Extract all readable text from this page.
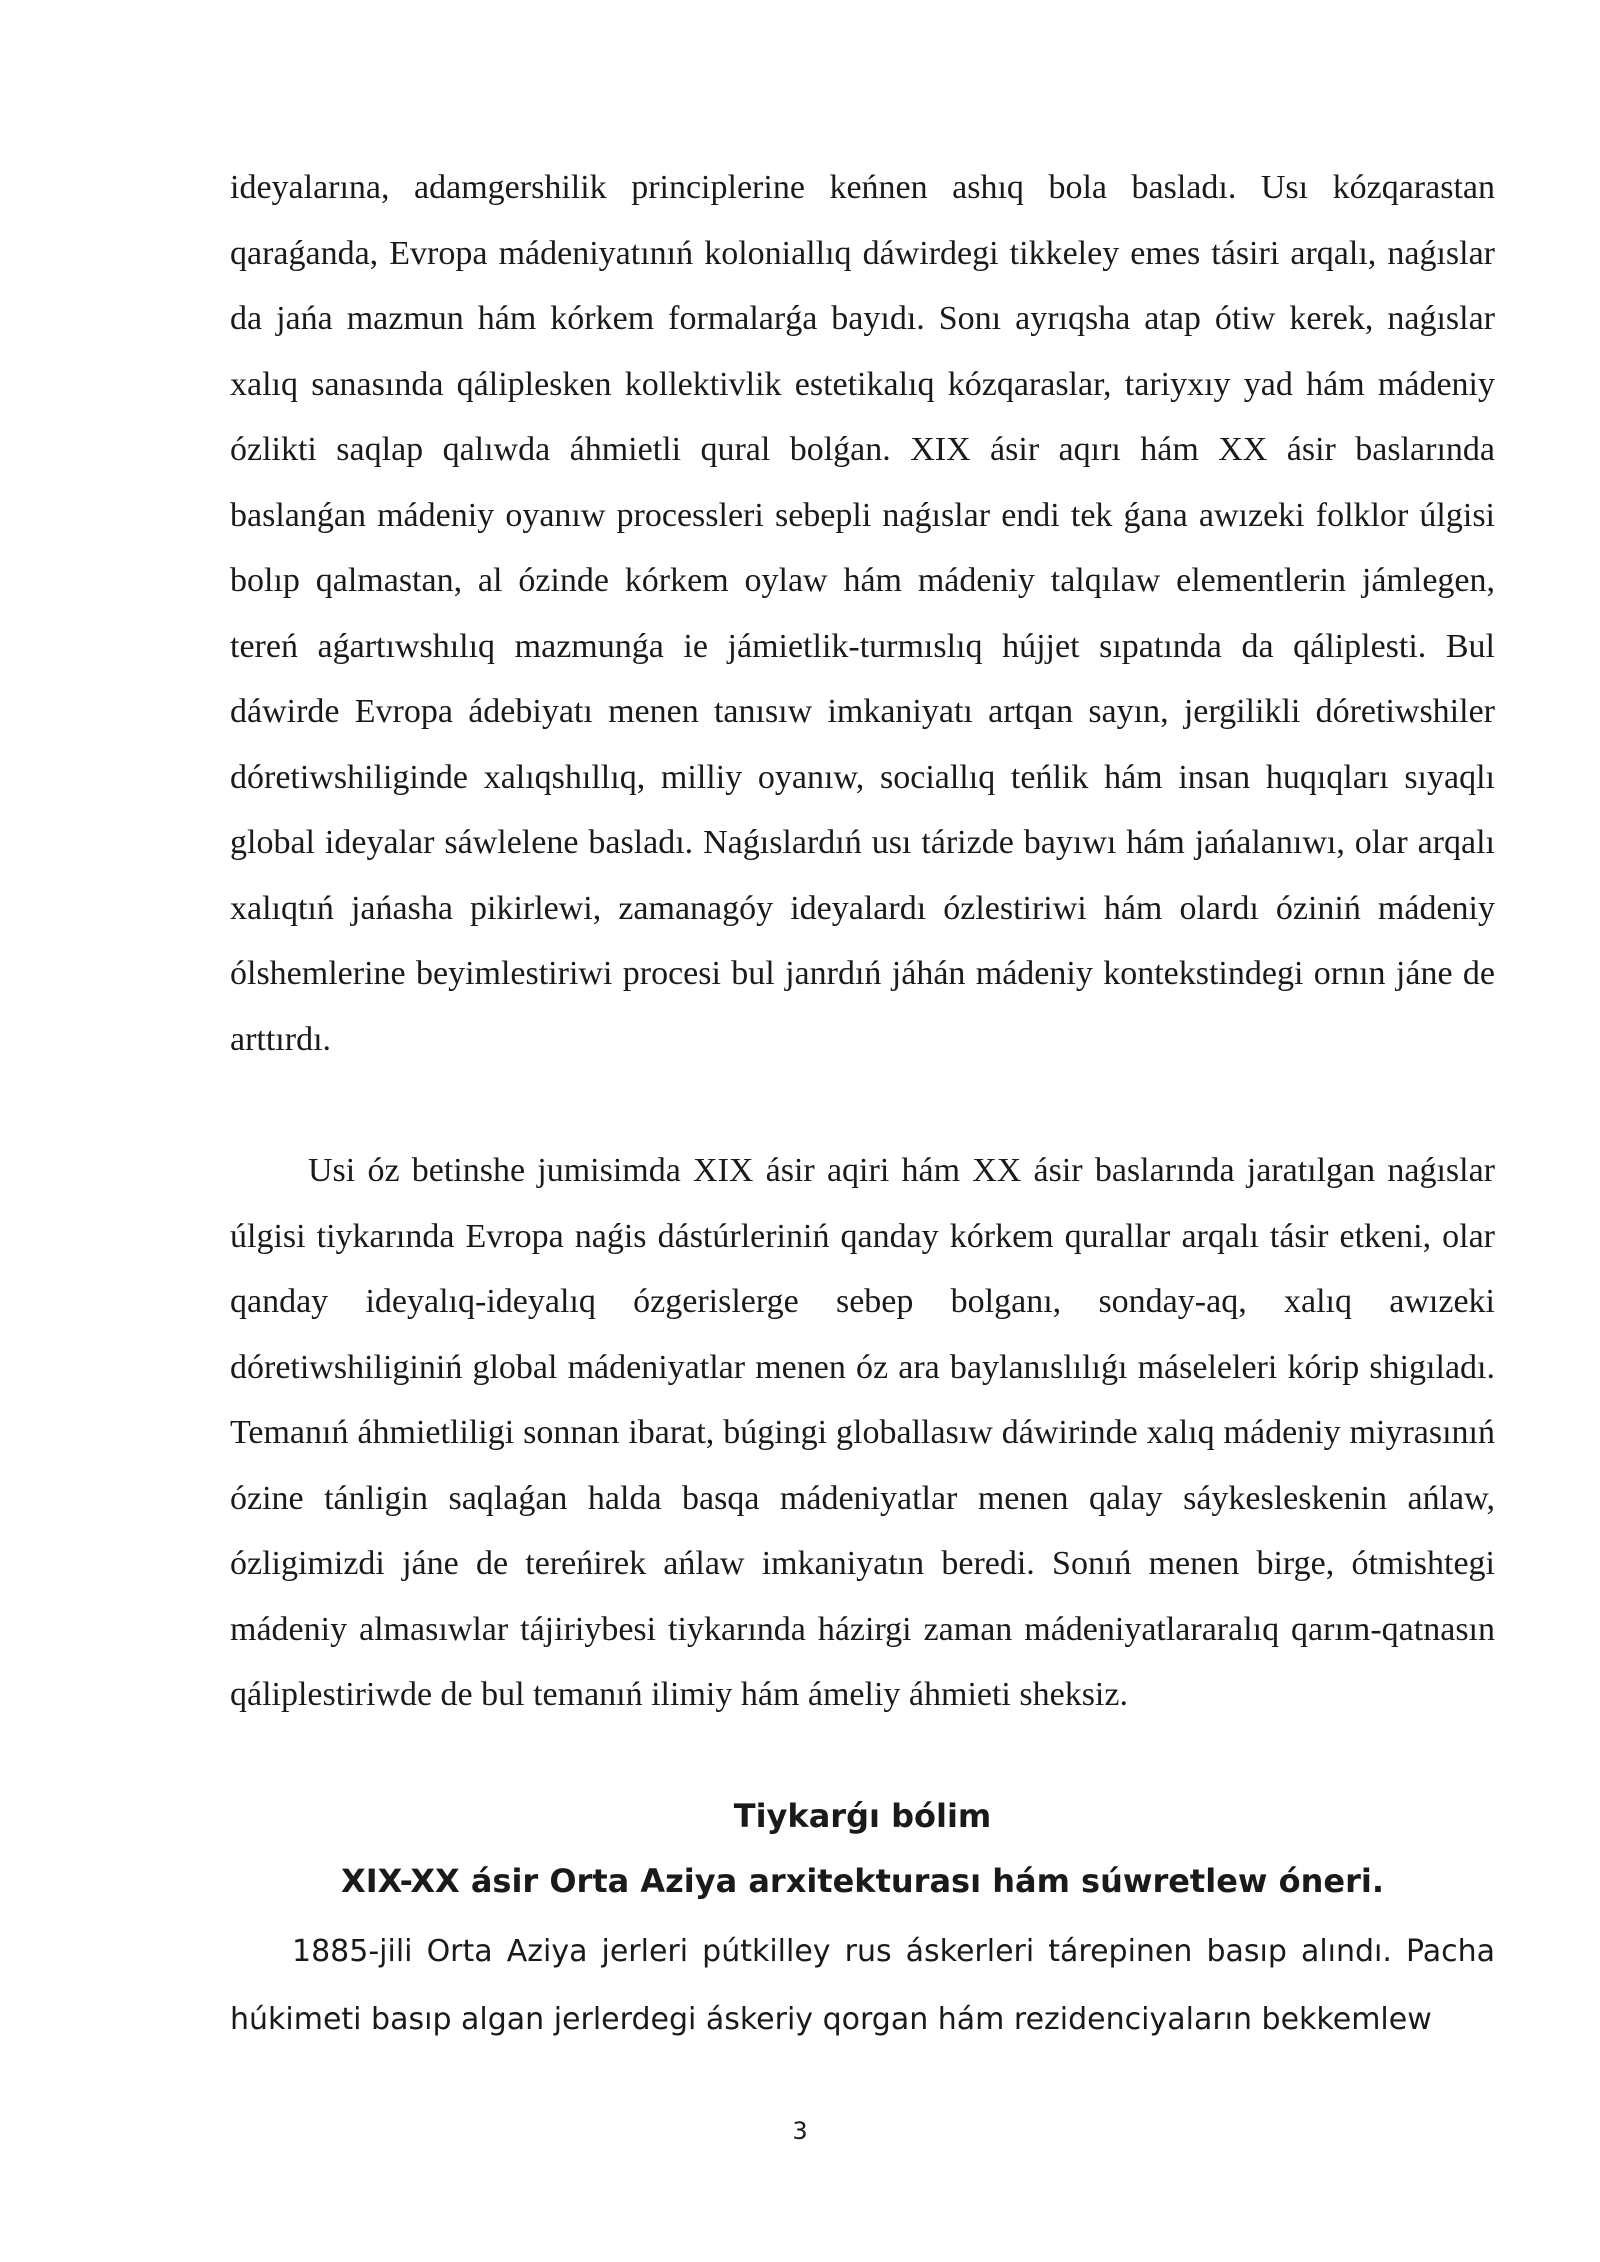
ideyalarına, adamgershilik principlerine keńnen ashıq bola basladı. Usı kózqarastan qaraǵanda, Evropa mádeniyatınıń koloniallıq dáwirdegi tikkeley emes tásiri arqalı, naǵıslar da jańa mazmun hám kórkem formalarǵa bayıdı. Sonı ayrıqsha atap ótiw kerek, naǵıslar xalıq sanasında qáliplesken kollektivlik estetikalıq kózqaraslar, tariyxıy yad hám mádeniy ózlikti saqlap qalıwda áhmietli qural bolǵan. XIX ásir aqırı hám XX ásir baslarında baslanǵan mádeniy oyanıw processleri sebepli naǵıslar endi tek ǵana awızeki folklor úlgisi bolıp qalmastan, al ózinde kórkem oylaw hám mádeniy talqılaw elementlerin jámlegen, tereń aǵartıwshılıq mazmunǵa ie jámietlik-turmıslıq hújjet sıpatında da qáliplesti. Bul dáwirde Evropa ádebiyatı menen tanısıw imkaniyatı artqan sayın, jergilikli dóretiwshiler dóretiwshiliginde xalıqshıllıq, milliy oyanıw, sociallıq teńlik hám insan huqıqları sıyaqlı global ideyalar sáwlelene basladı. Naǵıslardıń usı tárizde bayıwı hám jańalanıwı, olar arqalı xalıqtıń jańasha pikirlewi, zamanagóy ideyalardı ózlestiriwi hám olardı óziniń mádeniy ólshemlerine beyimlestiriwi procesi bul janrdıń jáhán mádeniy kontekstindegi ornın jáne de arttırdı.

Usi óz betinshe jumisimda XIX ásir aqiri hám XX ásir baslarında jaratılgan naǵıslar úlgisi tiykarında Evropa naǵis dástúrleriniń qanday kórkem qurallar arqalı tásir etkeni, olar qanday ideyalıq-ideyalıq ózgerislerge sebep bolganı, sonday-aq, xalıq awızeki dóretiwshiliginiń global mádeniyatlar menen óz ara baylanıslılıǵı máseleleri kórip shigıladı. Temanıń áhmietliligi sonnan ibarat, búgingi globallasıw dáwirinde xalıq mádeniy miyrasınıń ózine tánligin saqlaǵan halda basqa mádeniyatlar menen qalay sáykesleskenin ańlaw, ózligimizdi jáne de tereńirek ańlaw imkaniyatın beredi. Sonıń menen birge, ótmishtegi mádeniy almasıwlar tájiriybesi tiykarında házirgi zaman mádeniyatlararalıq qarım-qatnasın qáliplestiriwde de bul temanıń ilimiy hám ámeliy áhmieti sheksiz.

Tiykarǵı bólim
XIX-XX ásir Orta Aziya arxitekturası hám súwretlew óneri.

1885-jili Orta Aziya jerleri pútkilley rus áskerleri tárepinen basıp alındı. Pacha húkimeti basıp algan jerlerdegi áskeriy qorgan hám rezidenciyaların bekkemlew

3
